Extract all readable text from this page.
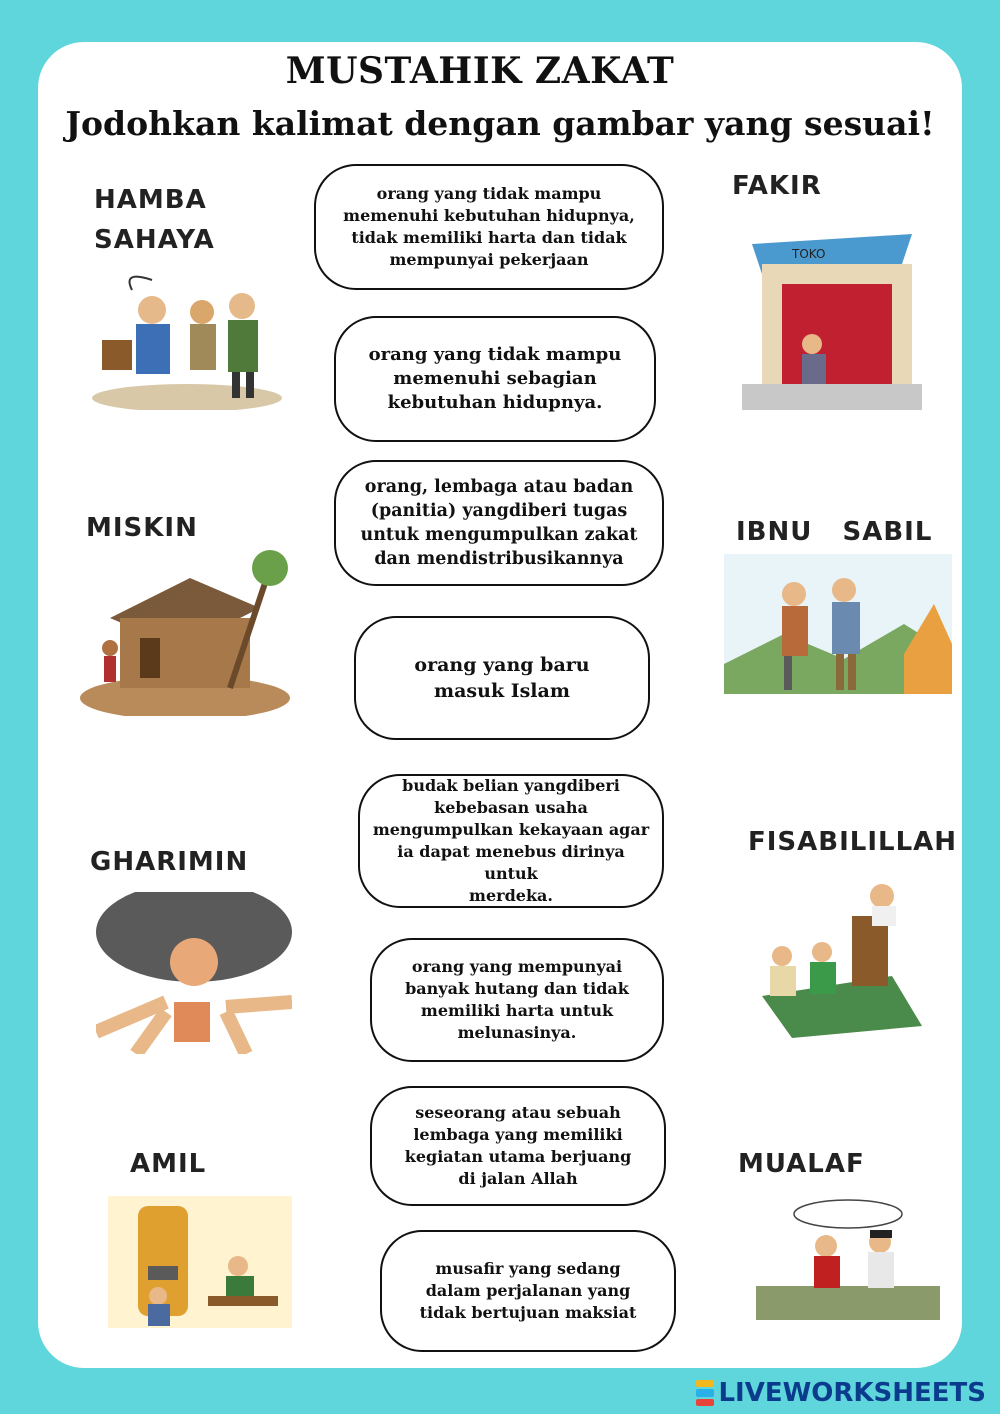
MUSTAHIK ZAKAT
Jodohkan kalimat dengan gambar yang sesuai!
HAMBA
SAHAYA
MISKIN
GHARIMIN
AMIL
FAKIR
TOKO
IBNU   SABIL
FISABILILLAH
MUALAF
orang yang tidak mampu
memenuhi kebutuhan hidupnya,
tidak memiliki harta dan tidak
mempunyai pekerjaan
orang yang tidak mampu
memenuhi sebagian
kebutuhan hidupnya.
orang, lembaga atau badan
(panitia) yangdiberi tugas
untuk mengumpulkan zakat
dan mendistribusikannya
orang yang baru
masuk Islam
budak belian yangdiberi
kebebasan usaha
mengumpulkan kekayaan agar
ia dapat menebus dirinya untuk
merdeka.
orang yang mempunyai
banyak hutang dan tidak
memiliki harta untuk
melunasinya.
seseorang atau sebuah
lembaga yang memiliki
kegiatan utama berjuang
di jalan Allah
musafir yang sedang
dalam perjalanan yang
tidak bertujuan maksiat
LIVEWORKSHEETS
